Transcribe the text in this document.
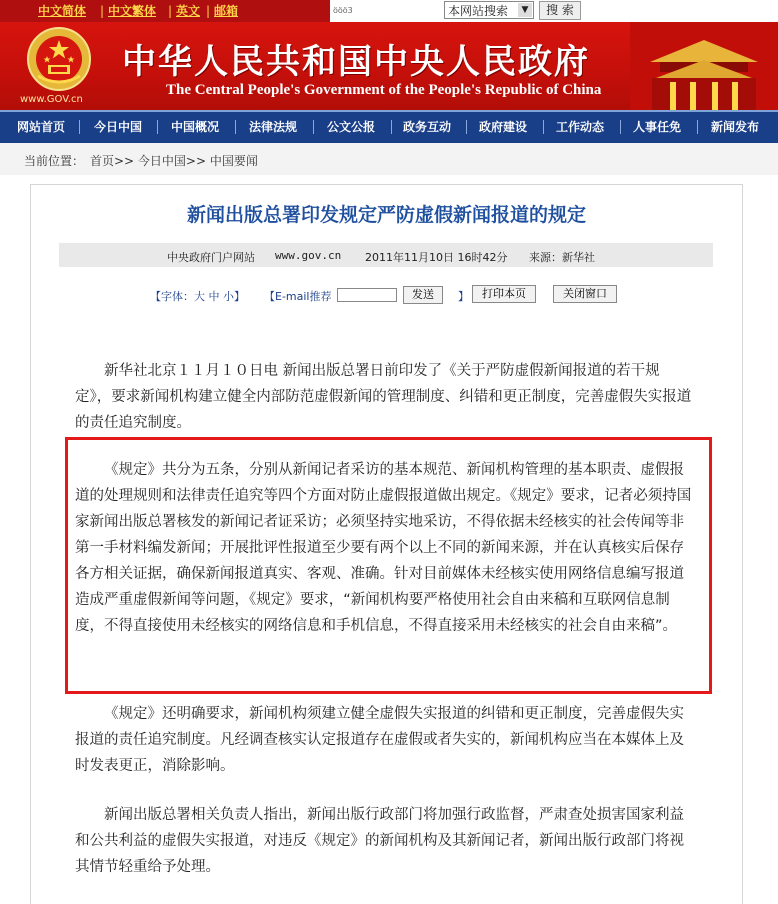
中文简体 | 中文繁体 | 英文 | 邮箱	ööö3	本网站搜索	▼	搜 索
www.GOV.cn
中华人民共和国中央人民政府
The Central People's Government of the People's Republic of China
网站首页	今日中国	中国概况	法律法规	公文公报	政务互动	政府建设	工作动态	人事任免	新闻发布
当前位置： 首页>> 今日中国>> 中国要闻
新闻出版总署印发规定严防虚假新闻报道的规定
中央政府门户网站 www.gov.cn 2011年11月10日 16时42分 来源：新华社
【字体：大 中 小】 【E-mail推荐	】
发送	打印本页	关闭窗口
新华社北京１１月１０日电 新闻出版总署日前印发了《关于严防虚假新闻报道的若干规定》，要求新闻机构建立健全内部防范虚假新闻的管理制度、纠错和更正制度，完善虚假失实报道的责任追究制度。
《规定》共分为五条，分别从新闻记者采访的基本规范、新闻机构管理的基本职责、虚假报道的处理规则和法律责任追究等四个方面对防止虚假报道做出规定。《规定》要求，记者必须持国家新闻出版总署核发的新闻记者证采访；必须坚持实地采访，不得依据未经核实的社会传闻等非第一手材料编发新闻；开展批评性报道至少要有两个以上不同的新闻来源，并在认真核实后保存各方相关证据，确保新闻报道真实、客观、准确。针对目前媒体未经核实使用网络信息编写报道造成严重虚假新闻等问题，《规定》要求，“新闻机构要严格使用社会自由来稿和互联网信息制度，不得直接使用未经核实的网络信息和手机信息，不得直接采用未经核实的社会自由来稿”。
《规定》还明确要求，新闻机构须建立健全虚假失实报道的纠错和更正制度，完善虚假失实报道的责任追究制度。凡经调查核实认定报道存在虚假或者失实的，新闻机构应当在本媒体上及时发表更正，消除影响。
新闻出版总署相关负责人指出，新闻出版行政部门将加强行政监督，严肃查处损害国家利益和公共利益的虚假失实报道，对违反《规定》的新闻机构及其新闻记者，新闻出版行政部门将视其情节轻重给予处理。
